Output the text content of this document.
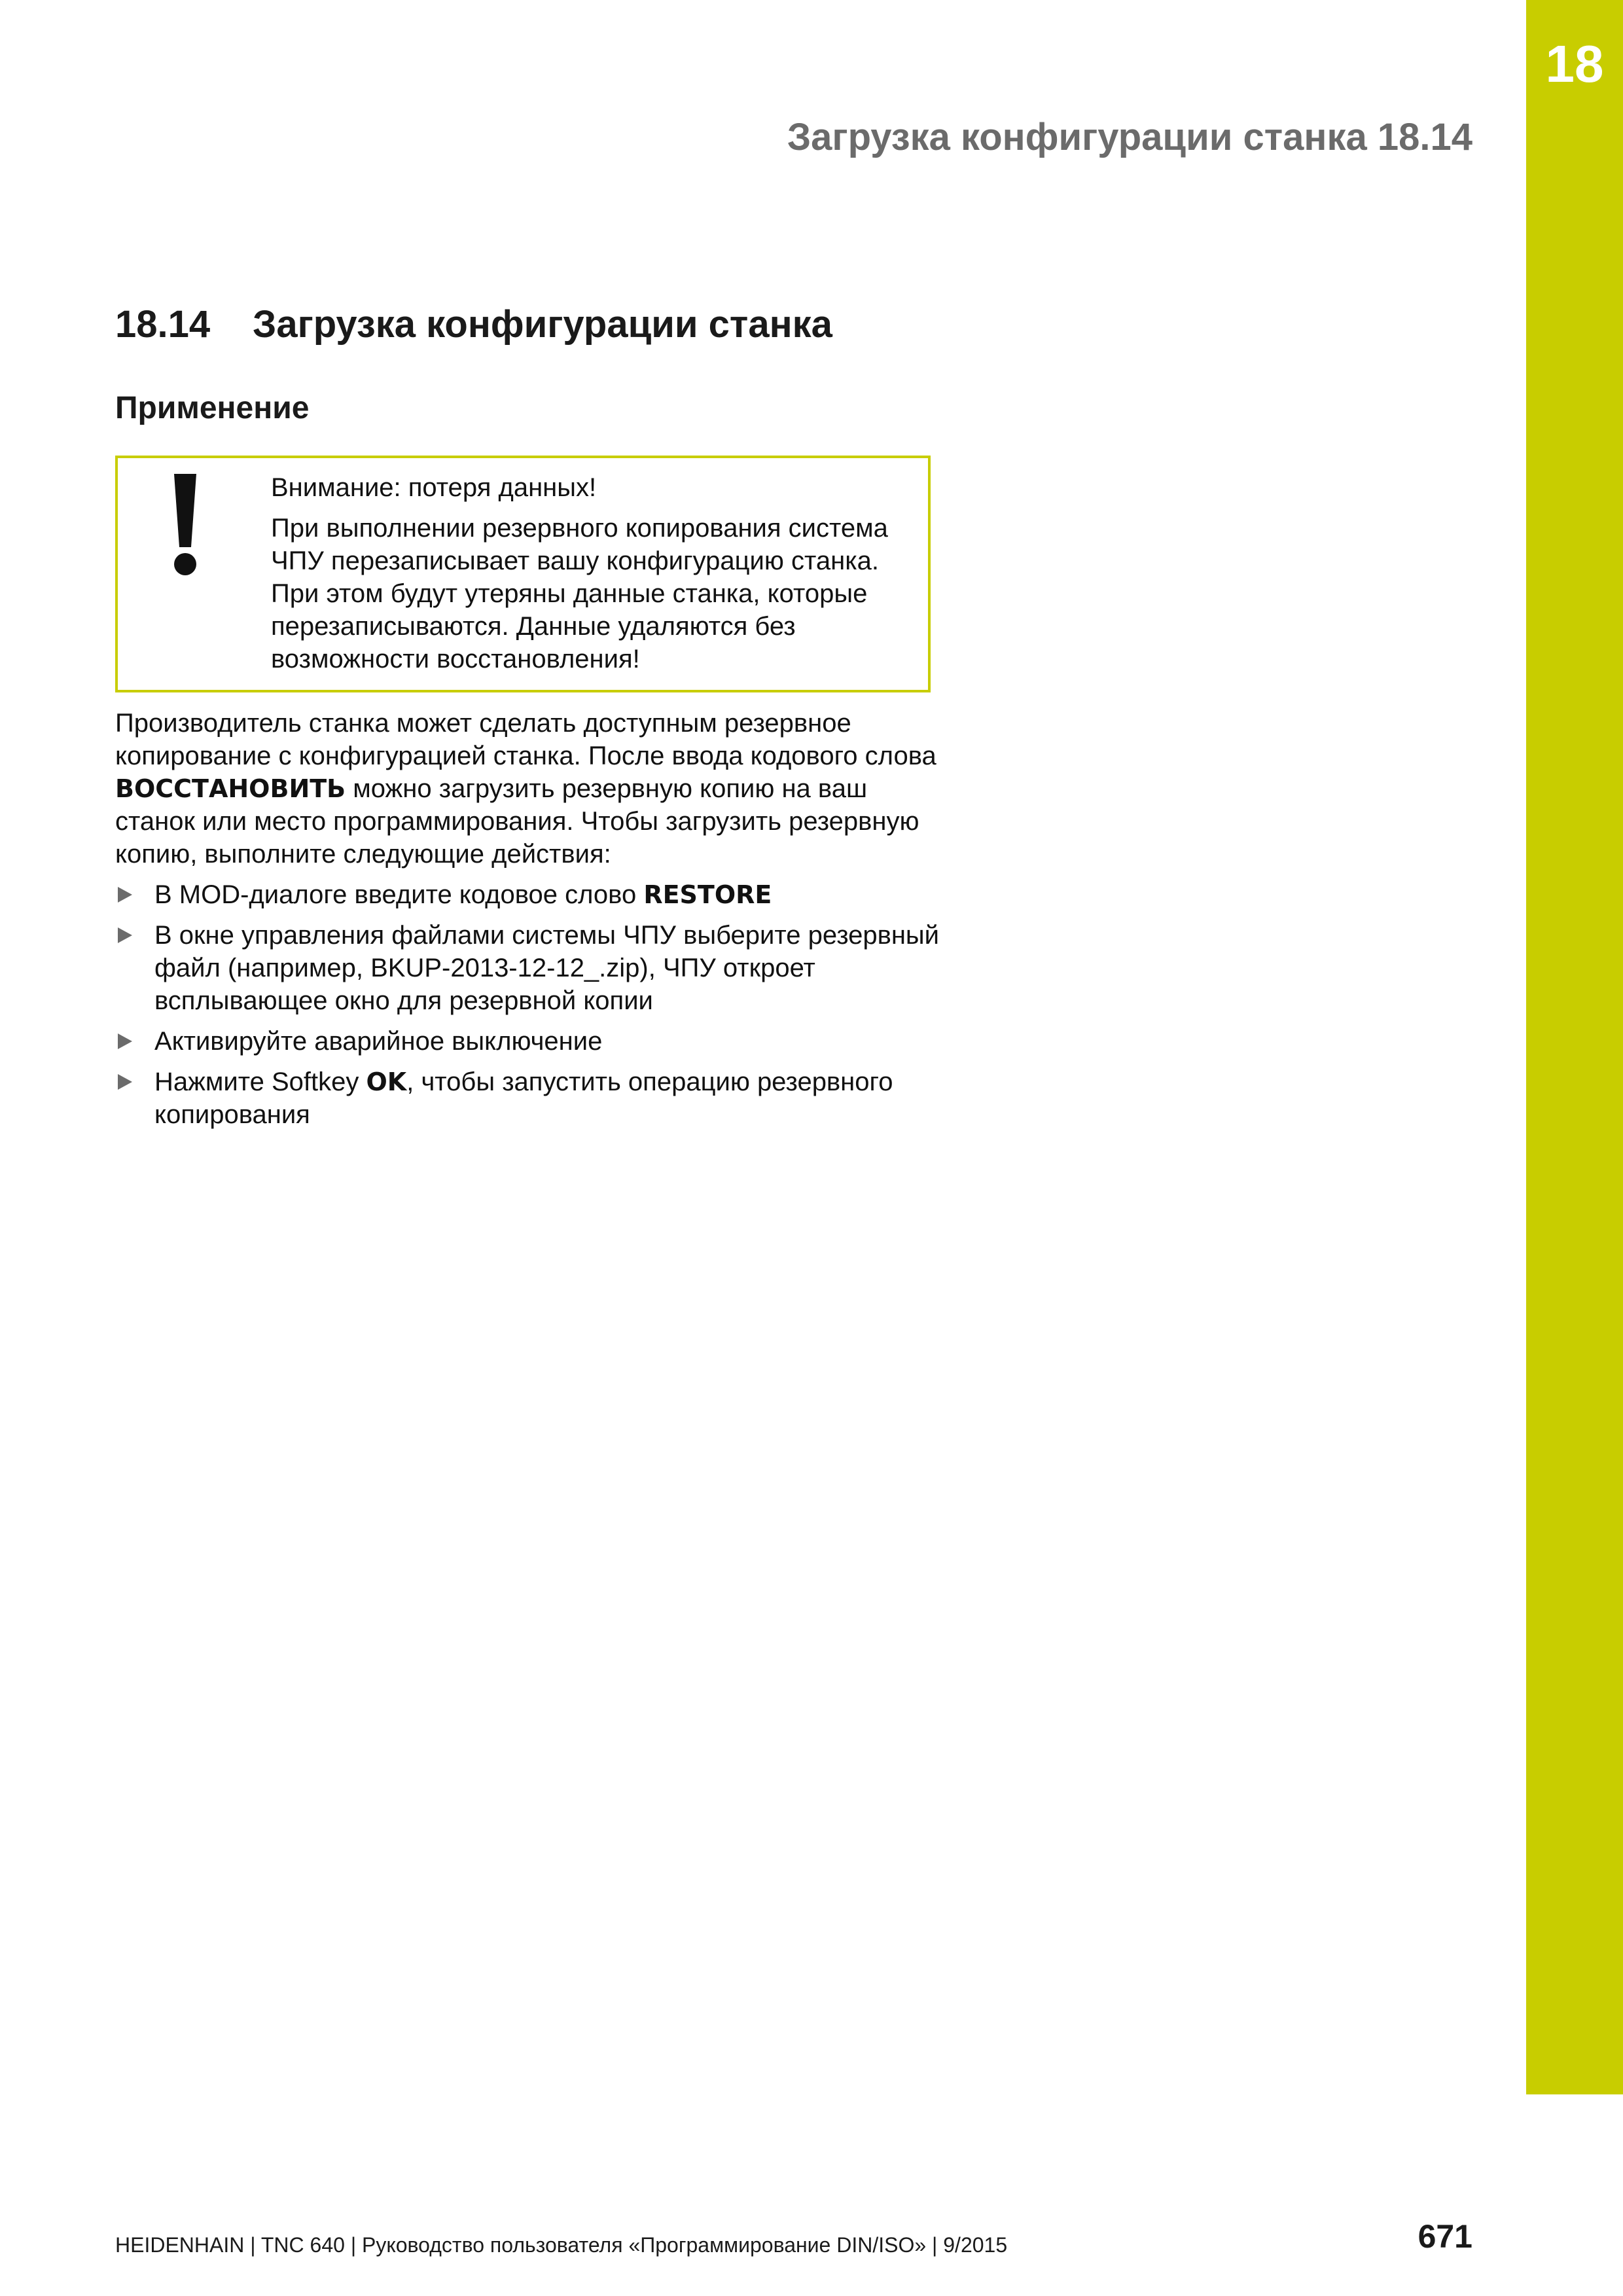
18
Загрузка конфигурации станка 18.14
18.14 Загрузка конфигурации станка
Применение

Внимание: потеря данных!

При выполнении резервного копирования система ЧПУ перезаписывает вашу конфигурацию станка. При этом будут утеряны данные станка, которые перезаписываются. Данные удаляются без возможности восстановления!

Производитель станка может сделать доступным резервное копирование с конфигурацией станка. После ввода кодового слова ВОССТАНОВИТЬ можно загрузить резервную копию на ваш станок или место программирования. Чтобы загрузить резервную копию, выполните следующие действия:

В MOD-диалоге введите кодовое слово RESTORE
В окне управления файлами системы ЧПУ выберите резервный файл (например, BKUP-2013-12-12_.zip), ЧПУ откроет всплывающее окно для резервной копии
Активируйте аварийное выключение
Нажмите Softkey OK, чтобы запустить операцию резервного копирования
HEIDENHAIN | TNC 640 | Руководство пользователя «Программирование DIN/ISO» | 9/2015	671
